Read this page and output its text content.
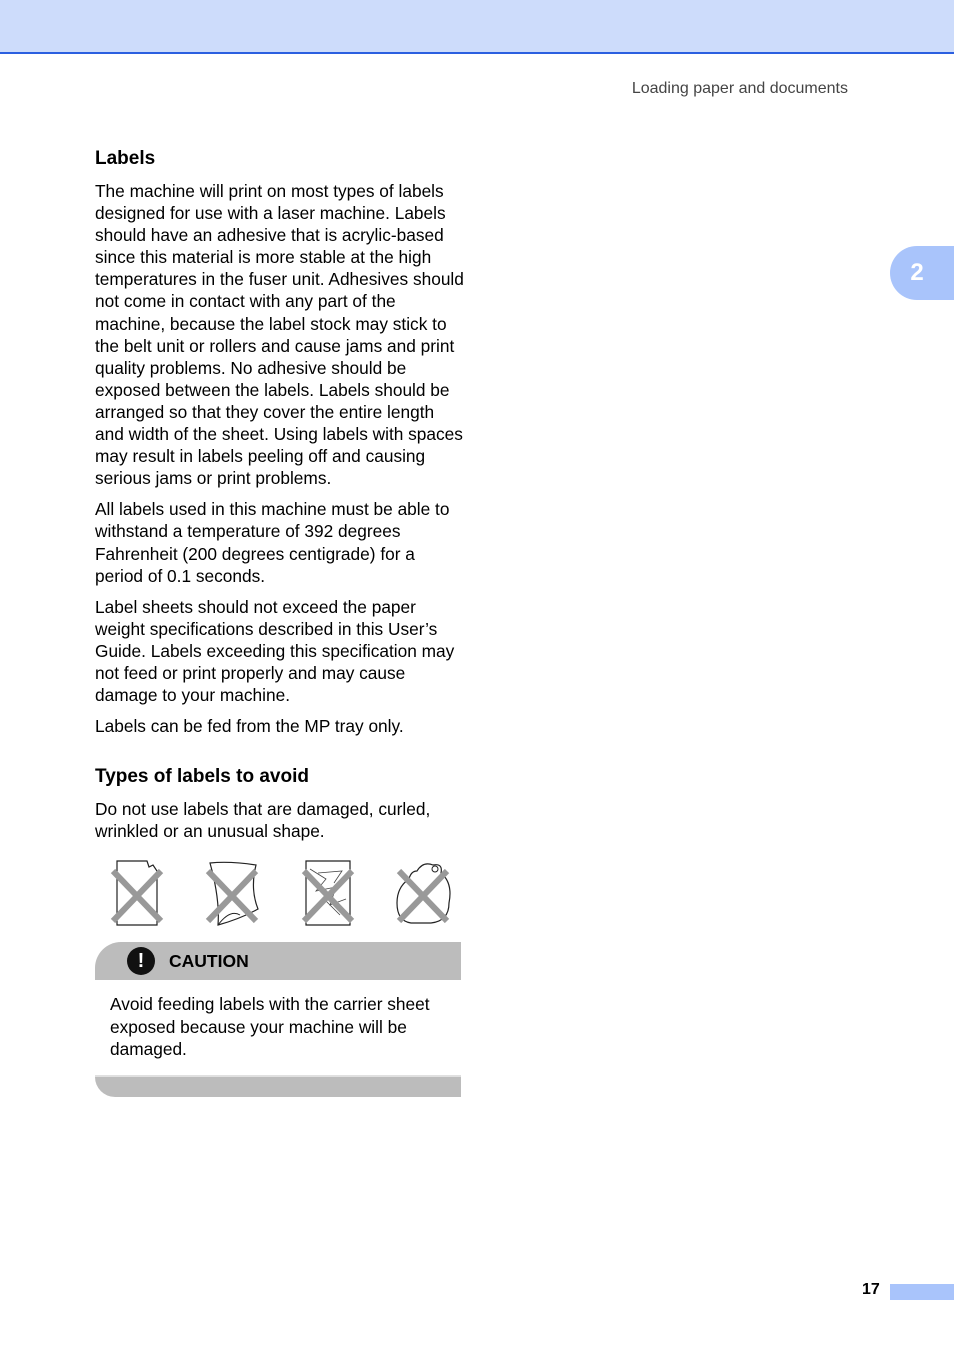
Loading paper and documents
2
Labels

The machine will print on most types of labels designed for use with a laser machine. Labels should have an adhesive that is acrylic-based since this material is more stable at the high temperatures in the fuser unit. Adhesives should not come in contact with any part of the machine, because the label stock may stick to the belt unit or rollers and cause jams and print quality problems. No adhesive should be exposed between the labels. Labels should be arranged so that they cover the entire length and width of the sheet. Using labels with spaces may result in labels peeling off and causing serious jams or print problems.

All labels used in this machine must be able to withstand a temperature of 392 degrees Fahrenheit (200 degrees centigrade) for a period of 0.1 seconds.

Label sheets should not exceed the paper weight specifications described in this User’s Guide. Labels exceeding this specification may not feed or print properly and may cause damage to your machine.

Labels can be fed from the MP tray only.

Types of labels to avoid

Do not use labels that are damaged, curled, wrinkled or an unusual shape.

!	CAUTION
Avoid feeding labels with the carrier sheet exposed because your machine will be damaged.
17
